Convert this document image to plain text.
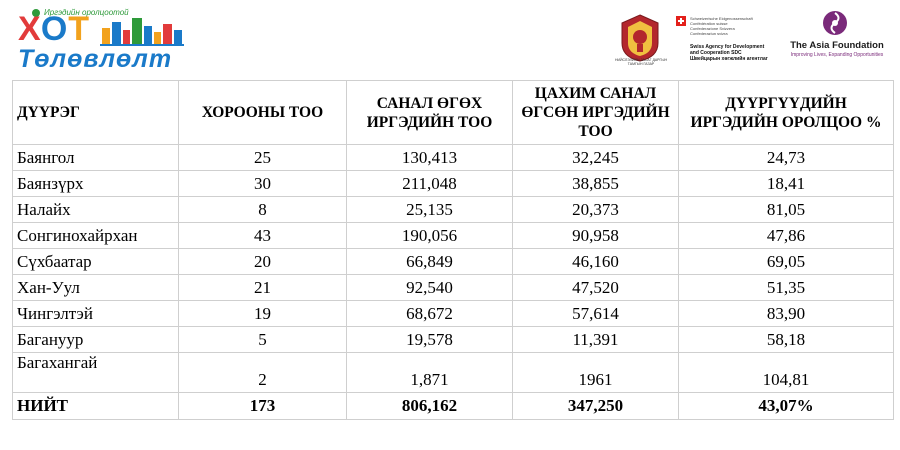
Иргэдийн оролцоотой
ХОТ
Төлөвлөлт	НИЙСЛЭЛИЙН ЗАСАГ ДАРГЫН ТАМГЫН ГАЗАР
Schweizerische Eidgenossenschaft
Confédération suisse
Confederazione Svizzera
Confederaziun svizra
Swiss Agency for Development
and Cooperation SDC
Швейцарын хөгжлийн агентлаг
The Asia Foundation
Improving Lives, Expanding Opportunities
ДҮҮРЭГ	ХОРООНЫ ТОО	САНАЛ ӨГӨХ ИРГЭДИЙН ТОО	ЦАХИМ САНАЛ ӨГСӨН ИРГЭДИЙН ТОО	ДҮҮРГҮҮДИЙН ИРГЭДИЙН ОРОЛЦОО %
Баянгол	25	130,413	32,245	24,73
Баянзүрх	30	211,048	38,855	18,41
Налайх	8	25,135	20,373	81,05
Сонгинохайрхан	43	190,056	90,958	47,86
Сүхбаатар	20	66,849	46,160	69,05
Хан-Уул	21	92,540	47,520	51,35
Чингэлтэй	19	68,672	57,614	83,90
Багануур	5	19,578	11,391	58,18
Багахангай	2	1,871	1961	104,81
НИЙТ	173	806,162	347,250	43,07%
